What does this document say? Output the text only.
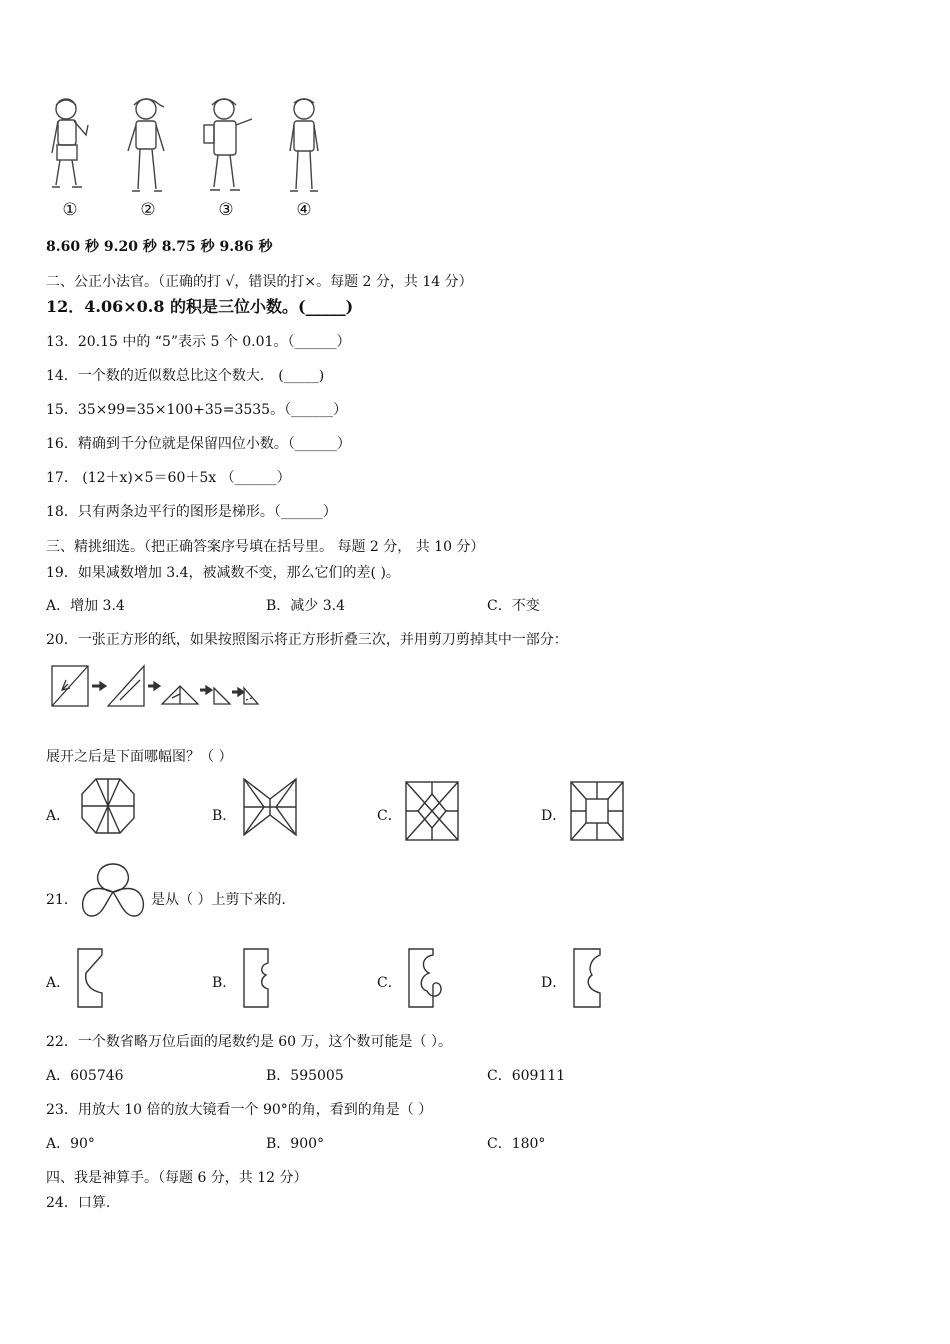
①	②	③	④
8.60 秒 9.20 秒 8.75 秒 9.86 秒
二、公正小法官。（正确的打 √，错误的打×。每题 2 分，共 14 分）
12．4.06×0.8 的积是三位小数。(_____)
13．20.15 中的 “5”表示 5 个 0.01。（______）
14．一个数的近似数总比这个数大． (_____)
15．35×99=35×100+35=3535。（______）
16．精确到千分位就是保留四位小数。（______）
17． (12＋x)×5＝60＋5x （______）
18．只有两条边平行的图形是梯形。（______）
三、精挑细选。（把正确答案序号填在括号里。 每题 2 分， 共 10 分）
19．如果减数增加 3.4，被减数不变，那么它们的差( )。
A．增加 3.4	B．减少 3.4	C．不变
20．一张正方形的纸，如果按照图示将正方形折叠三次，并用剪刀剪掉其中一部分：
展开之后是下面哪幅图？（ ）
A．	B．	C．	D．
21．	是从（ ）上剪下来的．
A．	B．	C．	D．
22．一个数省略万位后面的尾数约是 60 万，这个数可能是（ ）。
A．605746	B．595005	C．609111
23．用放大 10 倍的放大镜看一个 90°的角，看到的角是（ ）
A．90°	B．900°	C．180°
四、我是神算手。（每题 6 分，共 12 分）
24．口算.
